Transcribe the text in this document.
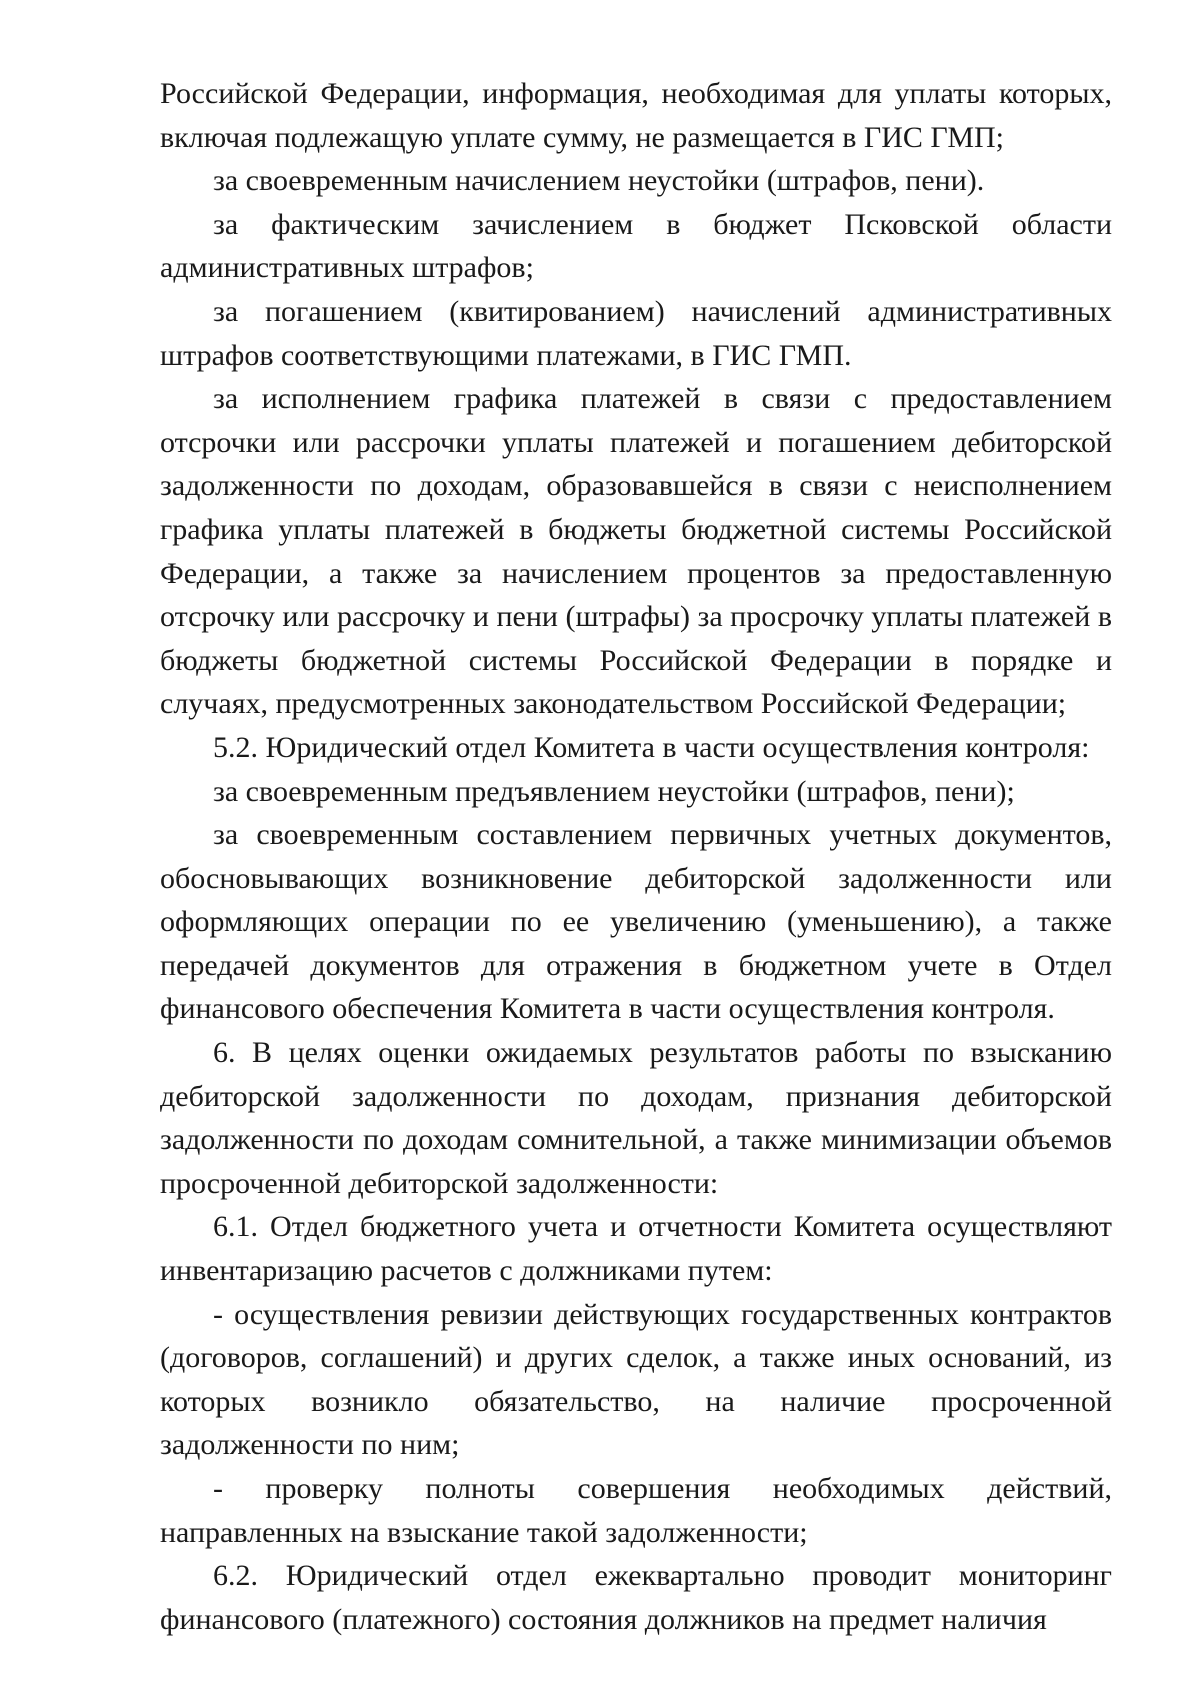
Российской Федерации, информация, необходимая для уплаты которых, включая подлежащую уплате сумму, не размещается в ГИС ГМП;

за своевременным начислением неустойки (штрафов, пени).

за фактическим зачислением в бюджет Псковской области административных штрафов;

за погашением (квитированием) начислений административных штрафов соответствующими платежами, в ГИС ГМП.

за исполнением графика платежей в связи с предоставлением отсрочки или рассрочки уплаты платежей и погашением дебиторской задолженности по доходам, образовавшейся в связи с неисполнением графика уплаты платежей в бюджеты бюджетной системы Российской Федерации, а также за начислением процентов за предоставленную отсрочку или рассрочку и пени (штрафы) за просрочку уплаты платежей в бюджеты бюджетной системы Российской Федерации в порядке и случаях, предусмотренных законодательством Российской Федерации;

5.2. Юридический отдел Комитета в части осуществления контроля:

за своевременным предъявлением неустойки (штрафов, пени);

за своевременным составлением первичных учетных документов, обосновывающих возникновение дебиторской задолженности или оформляющих операции по ее увеличению (уменьшению), а также передачей документов для отражения в бюджетном учете в Отдел финансового обеспечения Комитета в части осуществления контроля.

6. В целях оценки ожидаемых результатов работы по взысканию дебиторской задолженности по доходам, признания дебиторской задолженности по доходам сомнительной, а также минимизации объемов просроченной дебиторской задолженности:

6.1. Отдел бюджетного учета и отчетности Комитета осуществляют инвентаризацию расчетов с должниками путем:

- осуществления ревизии действующих государственных контрактов (договоров, соглашений) и других сделок, а также иных оснований, из которых возникло обязательство, на наличие просроченной задолженности по ним;

- проверку полноты совершения необходимых действий, направленных на взыскание такой задолженности;

6.2. Юридический отдел ежеквартально проводит мониторинг финансового (платежного) состояния должников на предмет наличия
